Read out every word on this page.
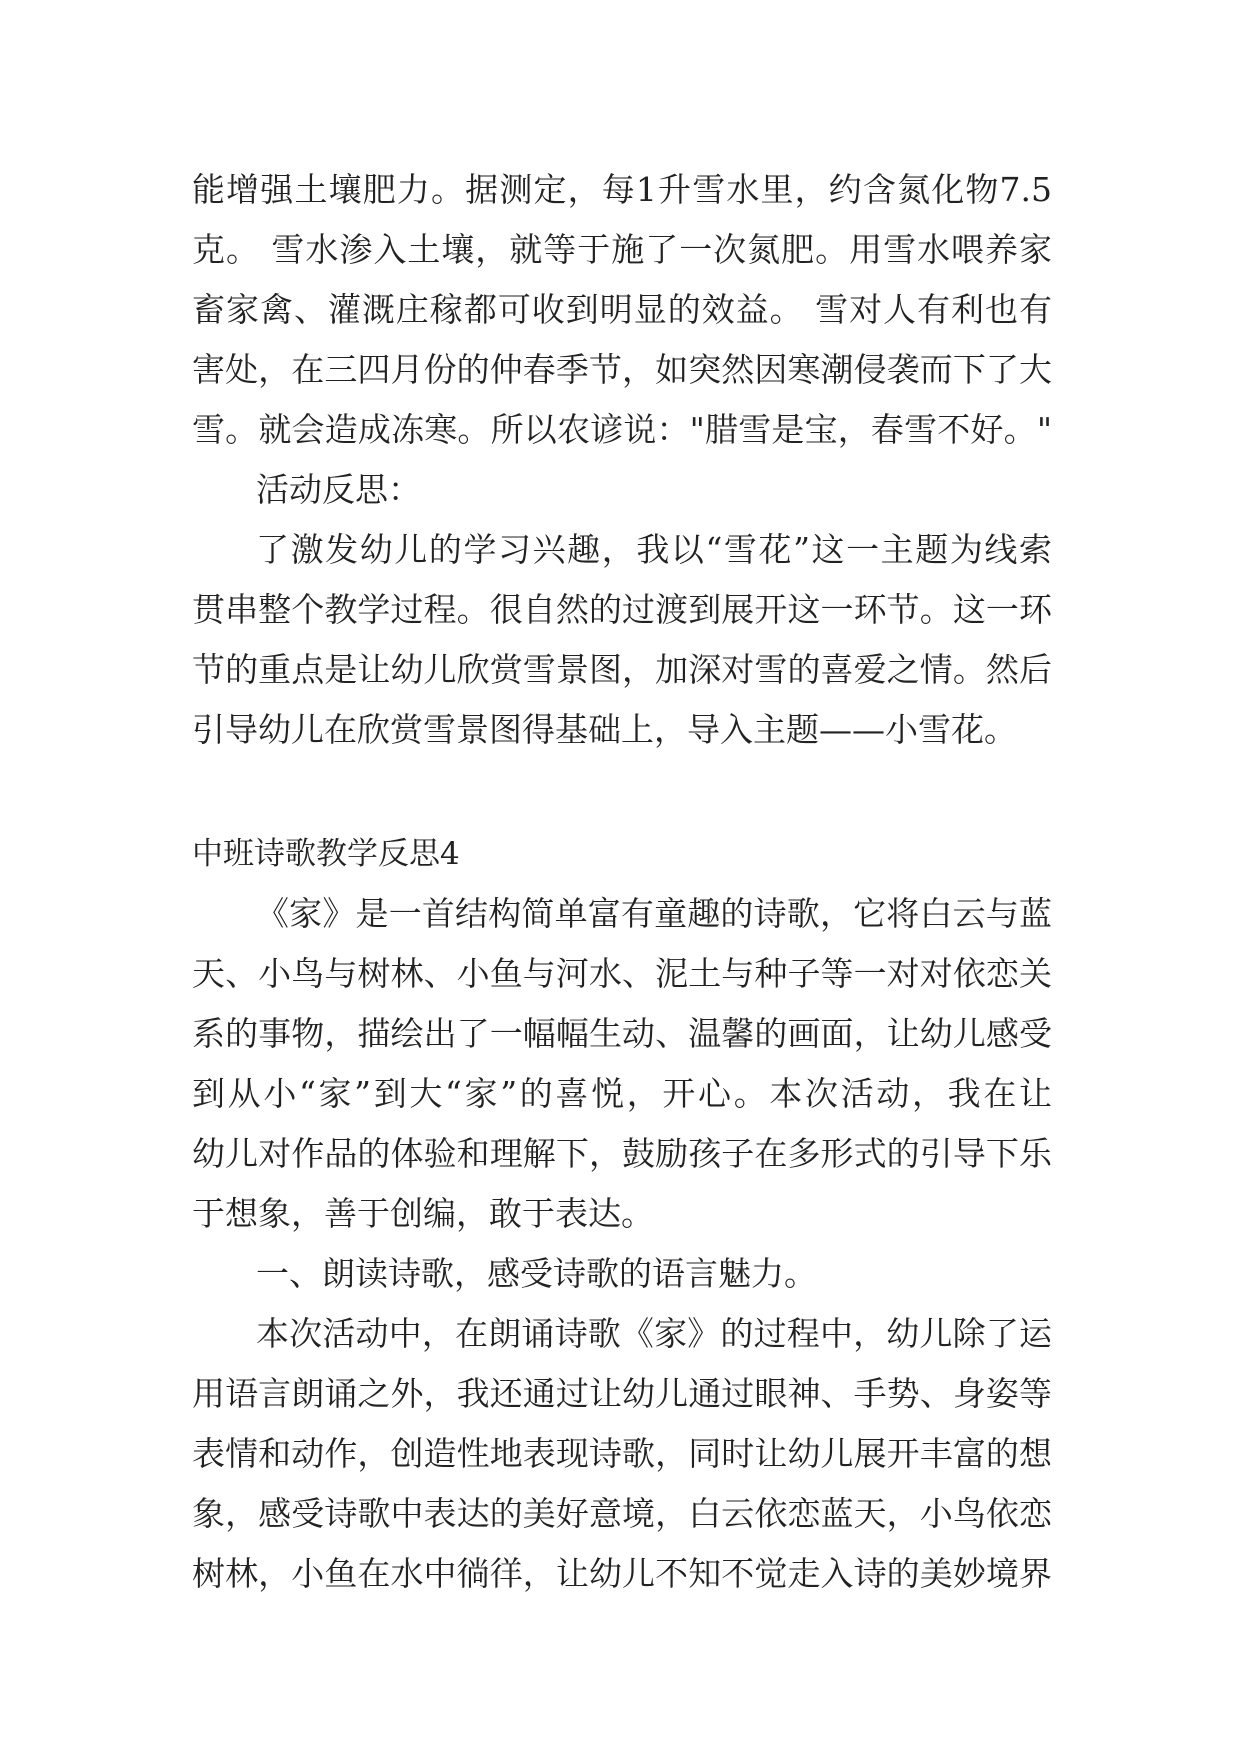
能增强土壤肥力。据测定，每1升雪水里，约含氮化物7.5
克。 雪水渗入土壤，就等于施了一次氮肥。用雪水喂养家
畜家禽、灌溉庄稼都可收到明显的效益。 雪对人有利也有
害处，在三四月份的仲春季节，如突然因寒潮侵袭而下了大
雪。就会造成冻寒。所以农谚说："腊雪是宝，春雪不好。"
活动反思：
了激发幼儿的学习兴趣，我以“雪花”这一主题为线索
贯串整个教学过程。很自然的过渡到展开这一环节。这一环
节的重点是让幼儿欣赏雪景图，加深对雪的喜爱之情。然后
引导幼儿在欣赏雪景图得基础上，导入主题——小雪花。
中班诗歌教学反思4
《家》是一首结构简单富有童趣的诗歌，它将白云与蓝
天、小鸟与树林、小鱼与河水、泥土与种子等一对对依恋关
系的事物，描绘出了一幅幅生动、温馨的画面，让幼儿感受
到从小“家”到大“家”的喜悦，开心。本次活动，我在让
幼儿对作品的体验和理解下，鼓励孩子在多形式的引导下乐
于想象，善于创编，敢于表达。
一、朗读诗歌，感受诗歌的语言魅力。
本次活动中，在朗诵诗歌《家》的过程中，幼儿除了运
用语言朗诵之外，我还通过让幼儿通过眼神、手势、身姿等
表情和动作，创造性地表现诗歌，同时让幼儿展开丰富的想
象，感受诗歌中表达的美好意境，白云依恋蓝天，小鸟依恋
树林，小鱼在水中徜徉，让幼儿不知不觉走入诗的美妙境界
